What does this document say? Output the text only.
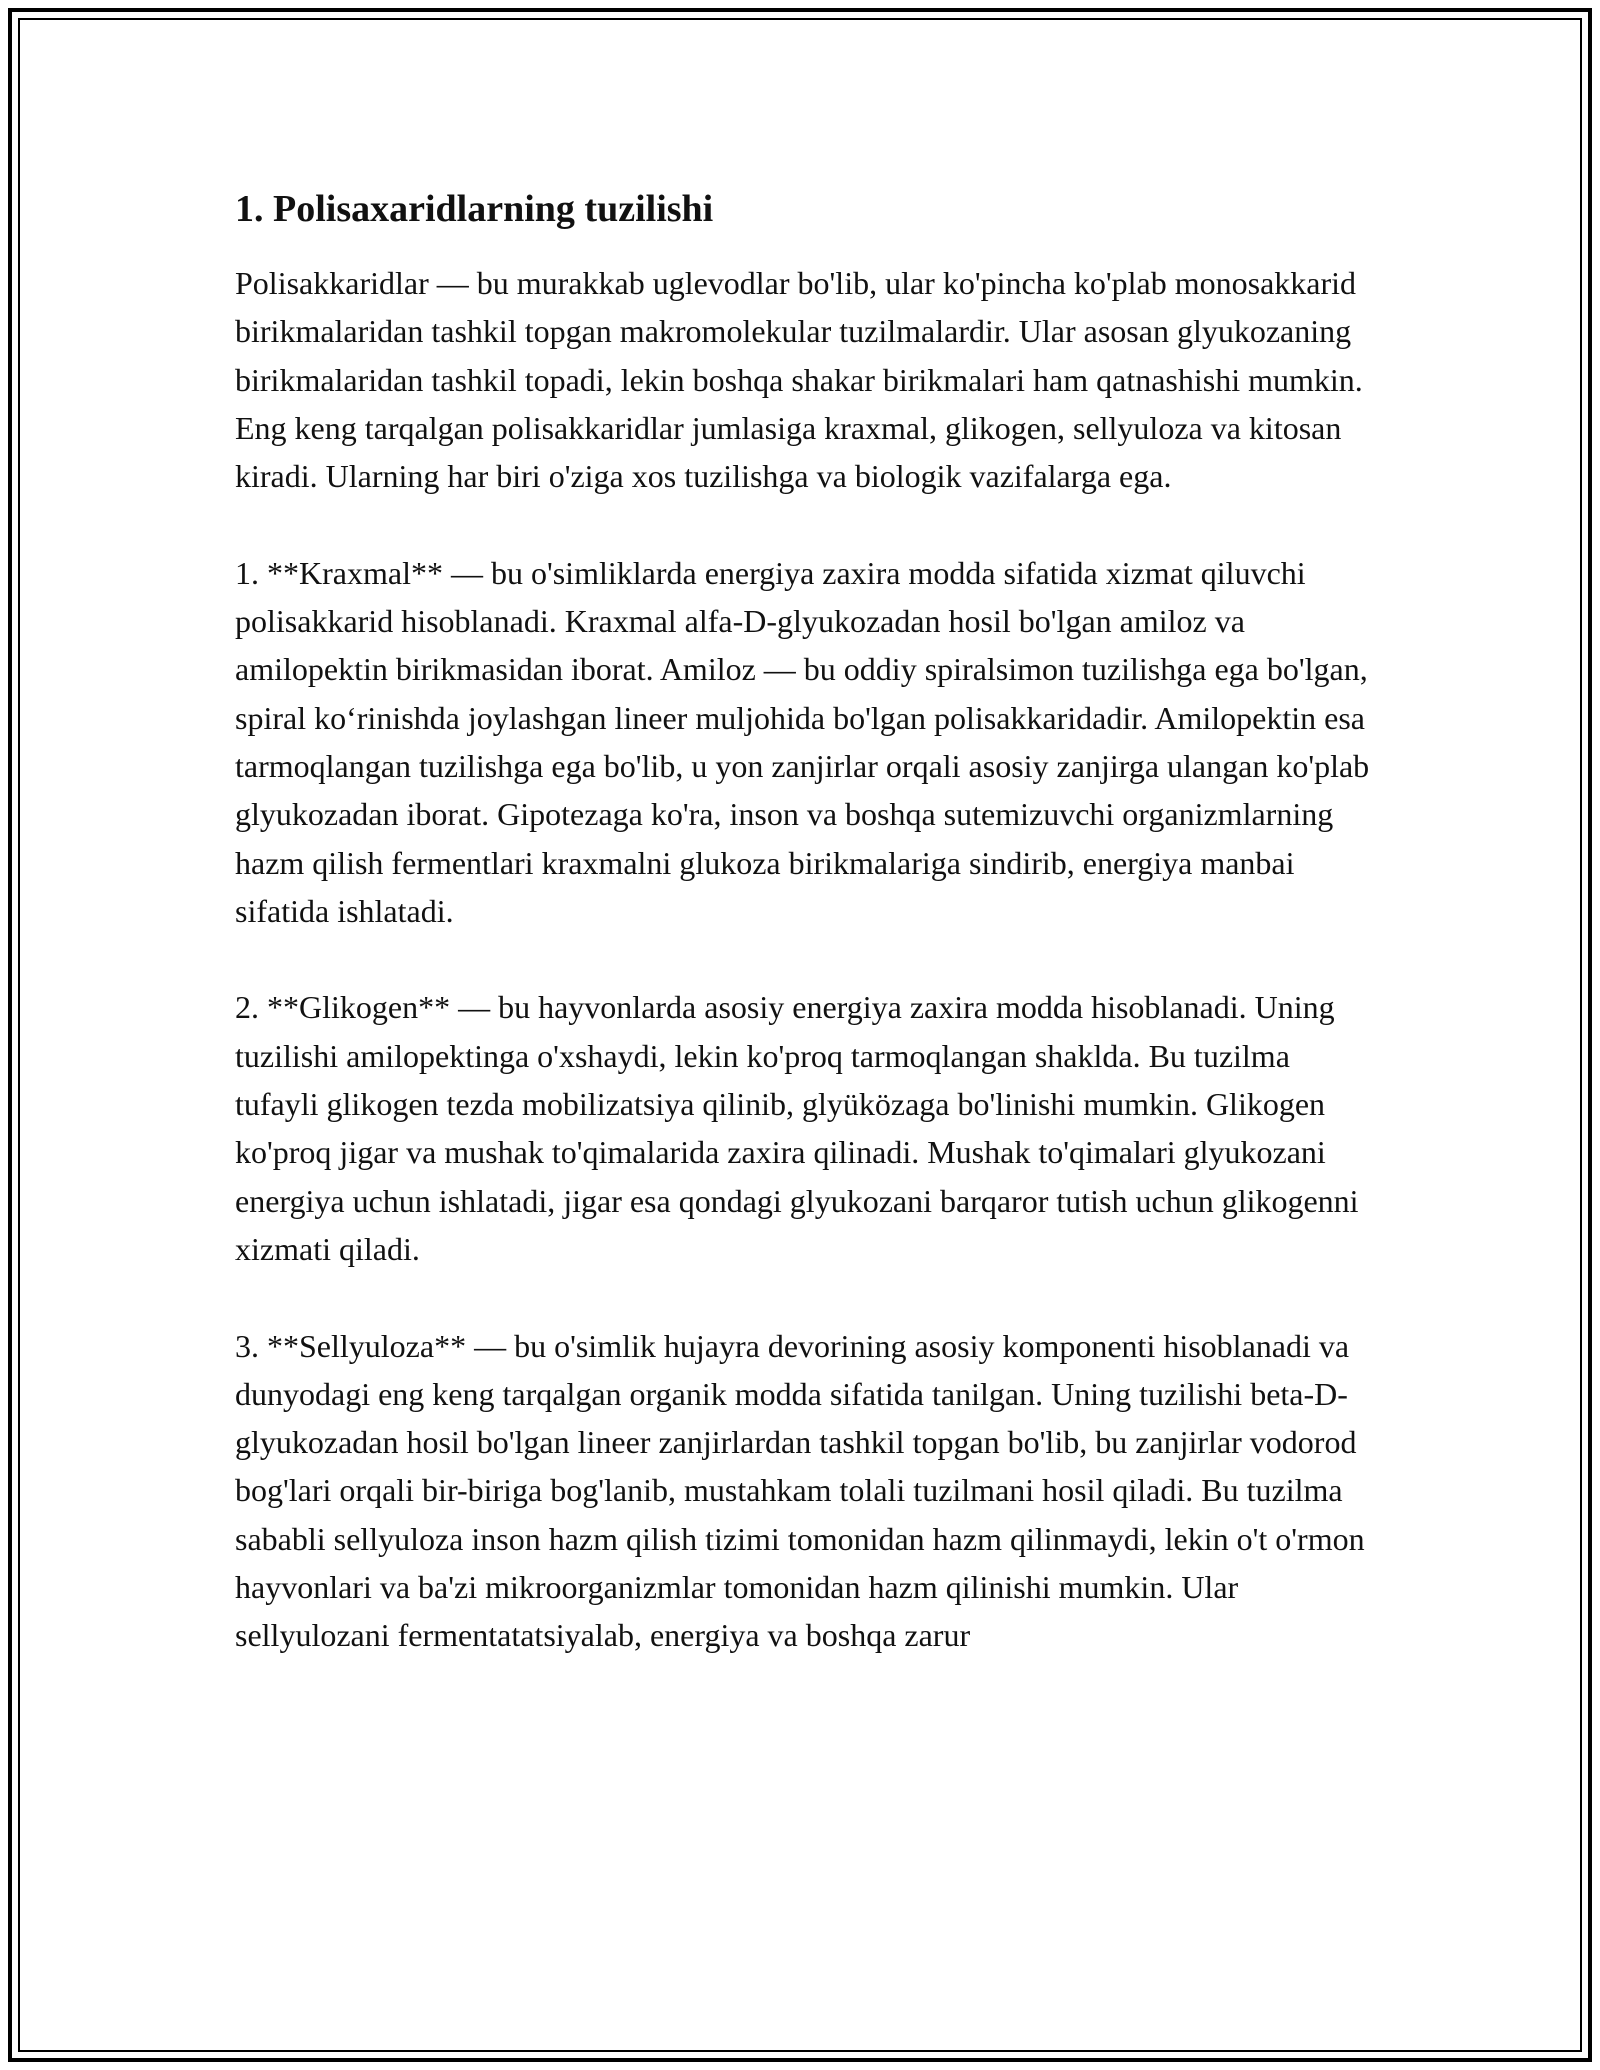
1. Polisaxaridlarning tuzilishi

Polisakkaridlar — bu murakkab uglevodlar bo'lib, ular ko'pincha ko'plab monosakkarid birikmalaridan tashkil topgan makromolekular tuzilmalardir. Ular asosan glyukozaning birikmalaridan tashkil topadi, lekin boshqa shakar birikmalari ham qatnashishi mumkin. Eng keng tarqalgan polisakkaridlar jumlasiga kraxmal, glikogen, sellyuloza va kitosan kiradi. Ularning har biri o'ziga xos tuzilishga va biologik vazifalarga ega.

1. **Kraxmal** — bu o'simliklarda energiya zaxira modda sifatida xizmat qiluvchi polisakkarid hisoblanadi. Kraxmal alfa-D-glyukozadan hosil bo'lgan amiloz va amilopektin birikmasidan iborat. Amiloz — bu oddiy spiralsimon tuzilishga ega bo'lgan, spiral ko‘rinishda joylashgan lineer muljohida bo'lgan polisakkaridadir. Amilopektin esa tarmoqlangan tuzilishga ega bo'lib, u yon zanjirlar orqali asosiy zanjirga ulangan ko'plab glyukozadan iborat. Gipotezaga ko'ra, inson va boshqa sutemizuvchi organizmlarning hazm qilish fermentlari kraxmalni glukoza birikmalariga sindirib, energiya manbai sifatida ishlatadi.

2. **Glikogen** — bu hayvonlarda asosiy energiya zaxira modda hisoblanadi. Uning tuzilishi amilopektinga o'xshaydi, lekin ko'proq tarmoqlangan shaklda. Bu tuzilma tufayli glikogen tezda mobilizatsiya qilinib, glyüközaga bo'linishi mumkin. Glikogen ko'proq jigar va mushak to'qimalarida zaxira qilinadi. Mushak to'qimalari glyukozani energiya uchun ishlatadi, jigar esa qondagi glyukozani barqaror tutish uchun glikogenni xizmati qiladi.

3. **Sellyuloza** — bu o'simlik hujayra devorining asosiy komponenti hisoblanadi va dunyodagi eng keng tarqalgan organik modda sifatida tanilgan. Uning tuzilishi beta-D-glyukozadan hosil bo'lgan lineer zanjirlardan tashkil topgan bo'lib, bu zanjirlar vodorod bog'lari orqali bir-biriga bog'lanib, mustahkam tolali tuzilmani hosil qiladi. Bu tuzilma sababli sellyuloza inson hazm qilish tizimi tomonidan hazm qilinmaydi, lekin o't o'rmon hayvonlari va ba'zi mikroorganizmlar tomonidan hazm qilinishi mumkin. Ular sellyulozani fermentatatsiyalab, energiya va boshqa zarur
